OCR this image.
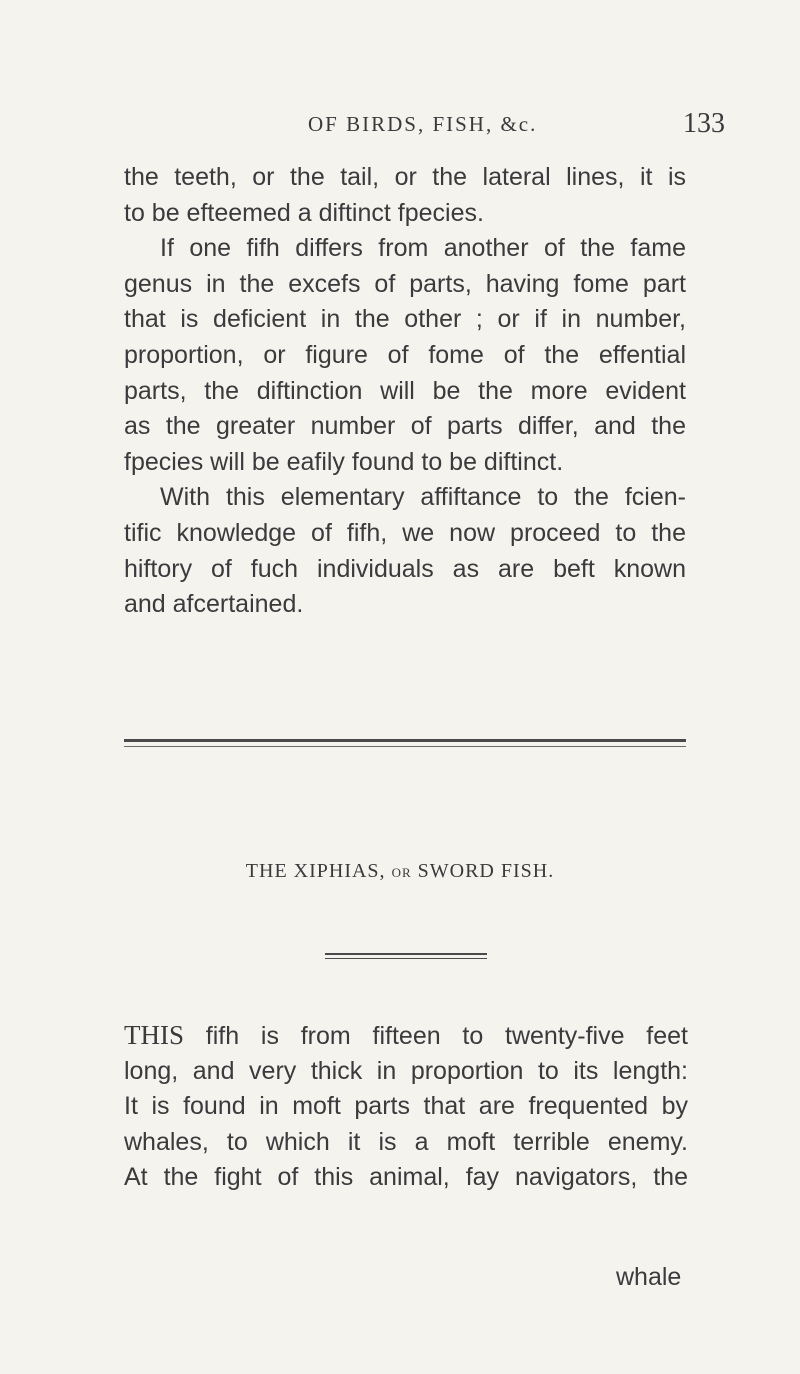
OF BIRDS, FISH, &c.	133
the teeth, or the tail, or the lateral lines, it is
to be efteemed a diftinct fpecies.
If one fifh differs from another of the fame
genus in the excefs of parts, having fome part
that is deficient in the other ; or if in number,
proportion, or figure of fome of the effential
parts, the diftinction will be the more evident
as the greater number of parts differ, and the
fpecies will be eafily found to be diftinct.
With this elementary affiftance to the fcien-
tific knowledge of fifh, we now proceed to the
hiftory of fuch individuals as are beft known
and afcertained.
THE XIPHIAS, OR SWORD FISH.
THIS fifh is from fifteen to twenty-five feet
long, and very thick in proportion to its length:
It is found in moft parts that are frequented by
whales, to which it is a moft terrible enemy.
At the fight of this animal, fay navigators, the
whale
